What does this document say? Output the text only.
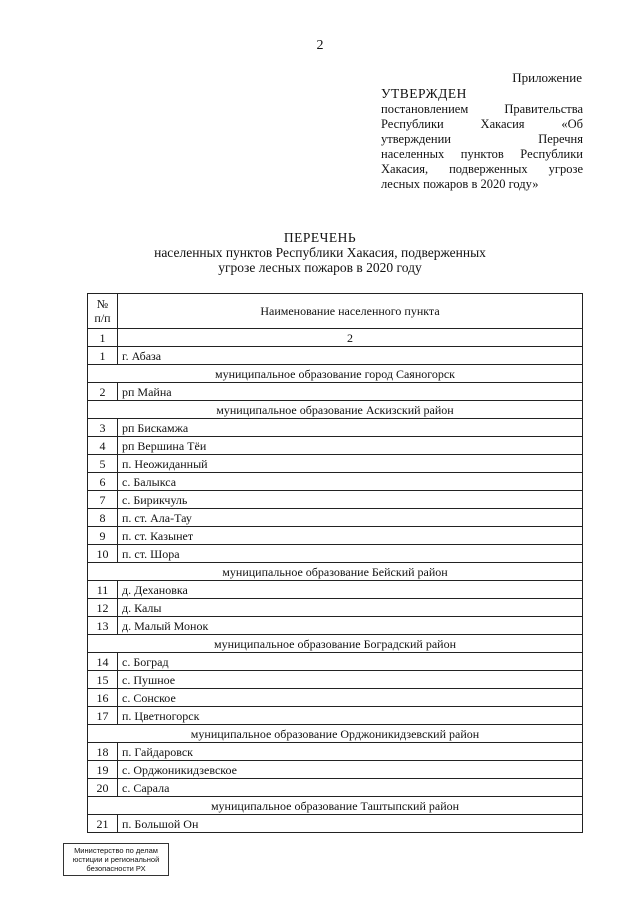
2
Приложение
УТВЕРЖДЕН
постановлением Правительства
Республики Хакасия «Об
утверждении Перечня
населенных пунктов Республики
Хакасия, подверженных угрозе
лесных пожаров в 2020 году»
ПЕРЕЧЕНЬ
населенных пунктов Республики Хакасия, подверженных
угрозе лесных пожаров в 2020 году
№
п/п	Наименование населенного пункта
1	2
1	г. Абаза
муниципальное образование город Саяногорск	
2	рп Майна
муниципальное образование Аскизский район	
3	рп Бискамжа
4	рп Вершина Тёи
5	п. Неожиданный
6	с. Балыкса
7	с. Бирикчуль
8	п. ст. Ала-Тау
9	п. ст. Казынет
10	п. ст. Шора
муниципальное образование Бейский район	
11	д. Дехановка
12	д. Калы
13	д. Малый Монок
муниципальное образование Боградский район	
14	с. Боград
15	с. Пушное
16	с. Сонское
17	п. Цветногорск
муниципальное образование Орджоникидзевский район	
18	п. Гайдаровск
19	с. Орджоникидзевское
20	с. Сарала
муниципальное образование Таштыпский район	
21	п. Большой Он
Министерство по делам
юстиции и региональной
безопасности РХ
